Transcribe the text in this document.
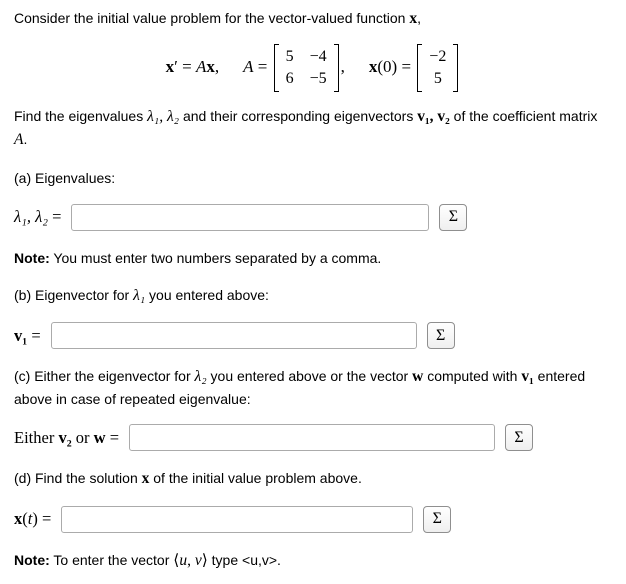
Consider the initial value problem for the vector-valued function x,

x′ = Ax, A =
5 −4
6 −5
, x(0) =
−2
5

Find the eigenvalues λ₁, λ₂ and their corresponding eigenvectors v₁, v₂ of the coefficient matrix A.

(a) Eigenvalues:

λ₁, λ₂ =	Σ

Note: You must enter two numbers separated by a comma.

(b) Eigenvector for λ₁ you entered above:

v₁ =	Σ

(c) Either the eigenvector for λ₂ you entered above or the vector w computed with v₁ entered above in case of repeated eigenvalue:

Either v₂ or w =	Σ

(d) Find the solution x of the initial value problem above.

x(t) =	Σ

Note: To enter the vector ⟨u, v⟩ type <u,v>.
